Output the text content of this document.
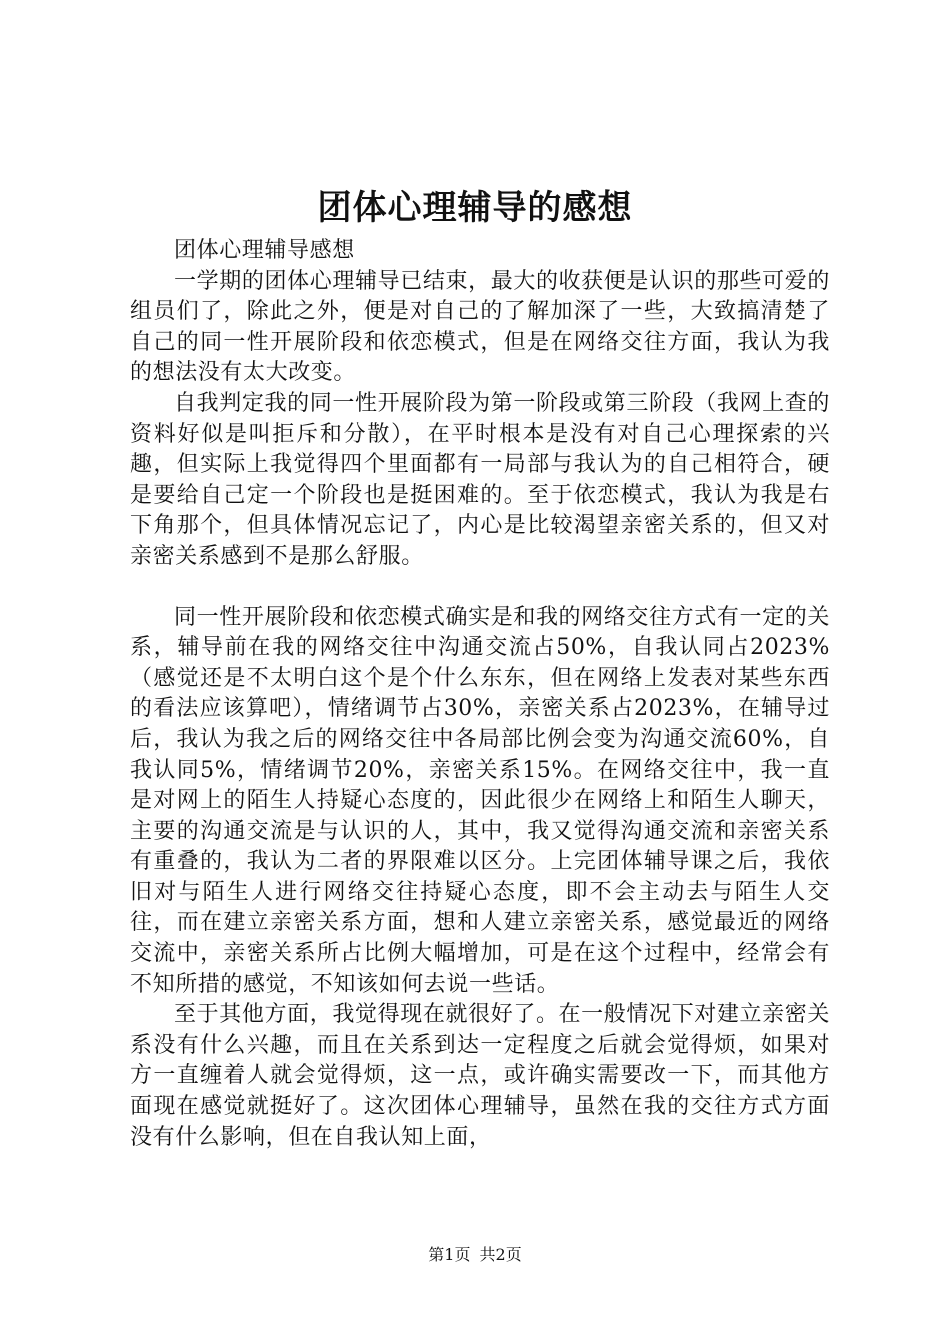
团体心理辅导的感想

团体心理辅导感想

一学期的团体心理辅导已结束，最大的收获便是认识的那些可爱的组员们了，除此之外，便是对自己的了解加深了一些，大致搞清楚了自己的同一性开展阶段和依恋模式，但是在网络交往方面，我认为我的想法没有太大改变。

自我判定我的同一性开展阶段为第一阶段或第三阶段（我网上查的资料好似是叫拒斥和分散），在平时根本是没有对自己心理探索的兴趣，但实际上我觉得四个里面都有一局部与我认为的自己相符合，硬是要给自己定一个阶段也是挺困难的。至于依恋模式，我认为我是右下角那个，但具体情况忘记了，内心是比较渴望亲密关系的，但又对亲密关系感到不是那么舒服。

同一性开展阶段和依恋模式确实是和我的网络交往方式有一定的关系，辅导前在我的网络交往中沟通交流占50%，自我认同占2023%（感觉还是不太明白这个是个什么东东，但在网络上发表对某些东西的看法应该算吧），情绪调节占30%，亲密关系占2023%，在辅导过后，我认为我之后的网络交往中各局部比例会变为沟通交流60%，自我认同5%，情绪调节20%，亲密关系15%。在网络交往中，我一直是对网上的陌生人持疑心态度的，因此很少在网络上和陌生人聊天，主要的沟通交流是与认识的人，其中，我又觉得沟通交流和亲密关系有重叠的，我认为二者的界限难以区分。上完团体辅导课之后，我依旧对与陌生人进行网络交往持疑心态度，即不会主动去与陌生人交往，而在建立亲密关系方面，想和人建立亲密关系，感觉最近的网络交流中，亲密关系所占比例大幅增加，可是在这个过程中，经常会有不知所措的感觉，不知该如何去说一些话。

至于其他方面，我觉得现在就很好了。在一般情况下对建立亲密关系没有什么兴趣，而且在关系到达一定程度之后就会觉得烦，如果对方一直缠着人就会觉得烦，这一点，或许确实需要改一下，而其他方面现在感觉就挺好了。这次团体心理辅导，虽然在我的交往方式方面没有什么影响，但在自我认知上面，

第1页 共2页
